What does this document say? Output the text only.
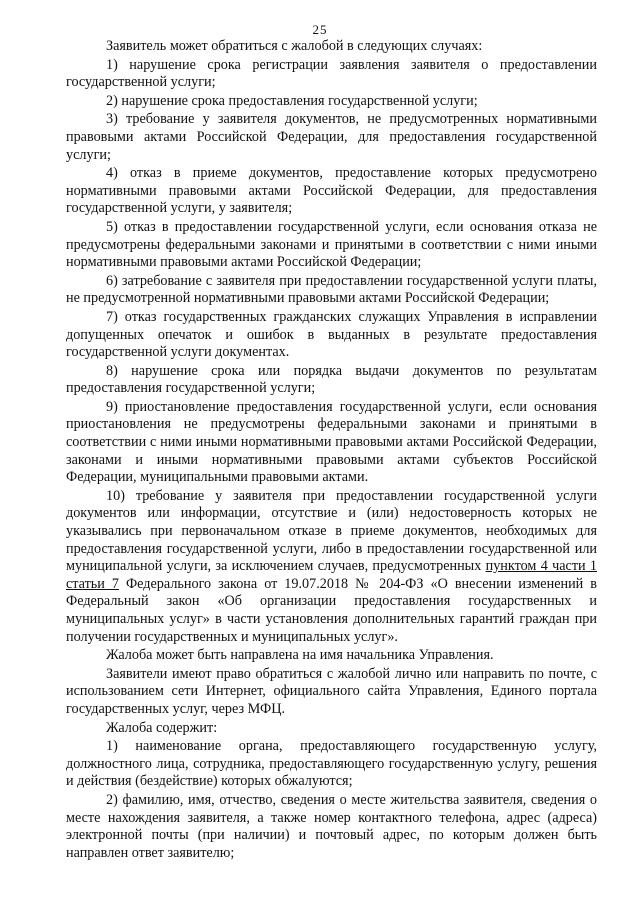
25

Заявитель может обратиться с жалобой в следующих случаях:

1) нарушение срока регистрации заявления заявителя о предоставлении государственной услуги;

2) нарушение срока предоставления государственной услуги;

3) требование у заявителя документов, не предусмотренных нормативными правовыми актами Российской Федерации, для предоставления государственной услуги;

4) отказ в приеме документов, предоставление которых предусмотрено нормативными правовыми актами Российской Федерации, для предоставления государственной услуги, у заявителя;

5) отказ в предоставлении государственной услуги, если основания отказа не предусмотрены федеральными законами и принятыми в соответствии с ними иными нормативными правовыми актами Российской Федерации;

6) затребование с заявителя при предоставлении государственной услуги платы, не предусмотренной нормативными правовыми актами Российской Федерации;

7) отказ государственных гражданских служащих Управления в исправлении допущенных опечаток и ошибок в выданных в результате предоставления государственной услуги документах.

8) нарушение срока или порядка выдачи документов по результатам предоставления государственной услуги;

9) приостановление предоставления государственной услуги, если основания приостановления не предусмотрены федеральными законами и принятыми в соответствии с ними иными нормативными правовыми актами Российской Федерации, законами и иными нормативными правовыми актами субъектов Российской Федерации, муниципальными правовыми актами.

10) требование у заявителя при предоставлении государственной услуги документов или информации, отсутствие и (или) недостоверность которых не указывались при первоначальном отказе в приеме документов, необходимых для предоставления государственной услуги, либо в предоставлении государственной или муниципальной услуги, за исключением случаев, предусмотренных пунктом 4 части 1 статьи 7 Федерального закона от 19.07.2018 № 204-ФЗ «О внесении изменений в Федеральный закон «Об организации предоставления государственных и муниципальных услуг» в части установления дополнительных гарантий граждан при получении государственных и муниципальных услуг».

Жалоба может быть направлена на имя начальника Управления.

Заявители имеют право обратиться с жалобой лично или направить по почте, с использованием сети Интернет, официального сайта Управления, Единого портала государственных услуг, через МФЦ.

Жалоба содержит:

1) наименование органа, предоставляющего государственную услугу, должностного лица, сотрудника, предоставляющего государственную услугу, решения и действия (бездействие) которых обжалуются;

2) фамилию, имя, отчество, сведения о месте жительства заявителя, сведения о месте нахождения заявителя, а также номер контактного телефона, адрес (адреса) электронной почты (при наличии) и почтовый адрес, по которым должен быть направлен ответ заявителю;
